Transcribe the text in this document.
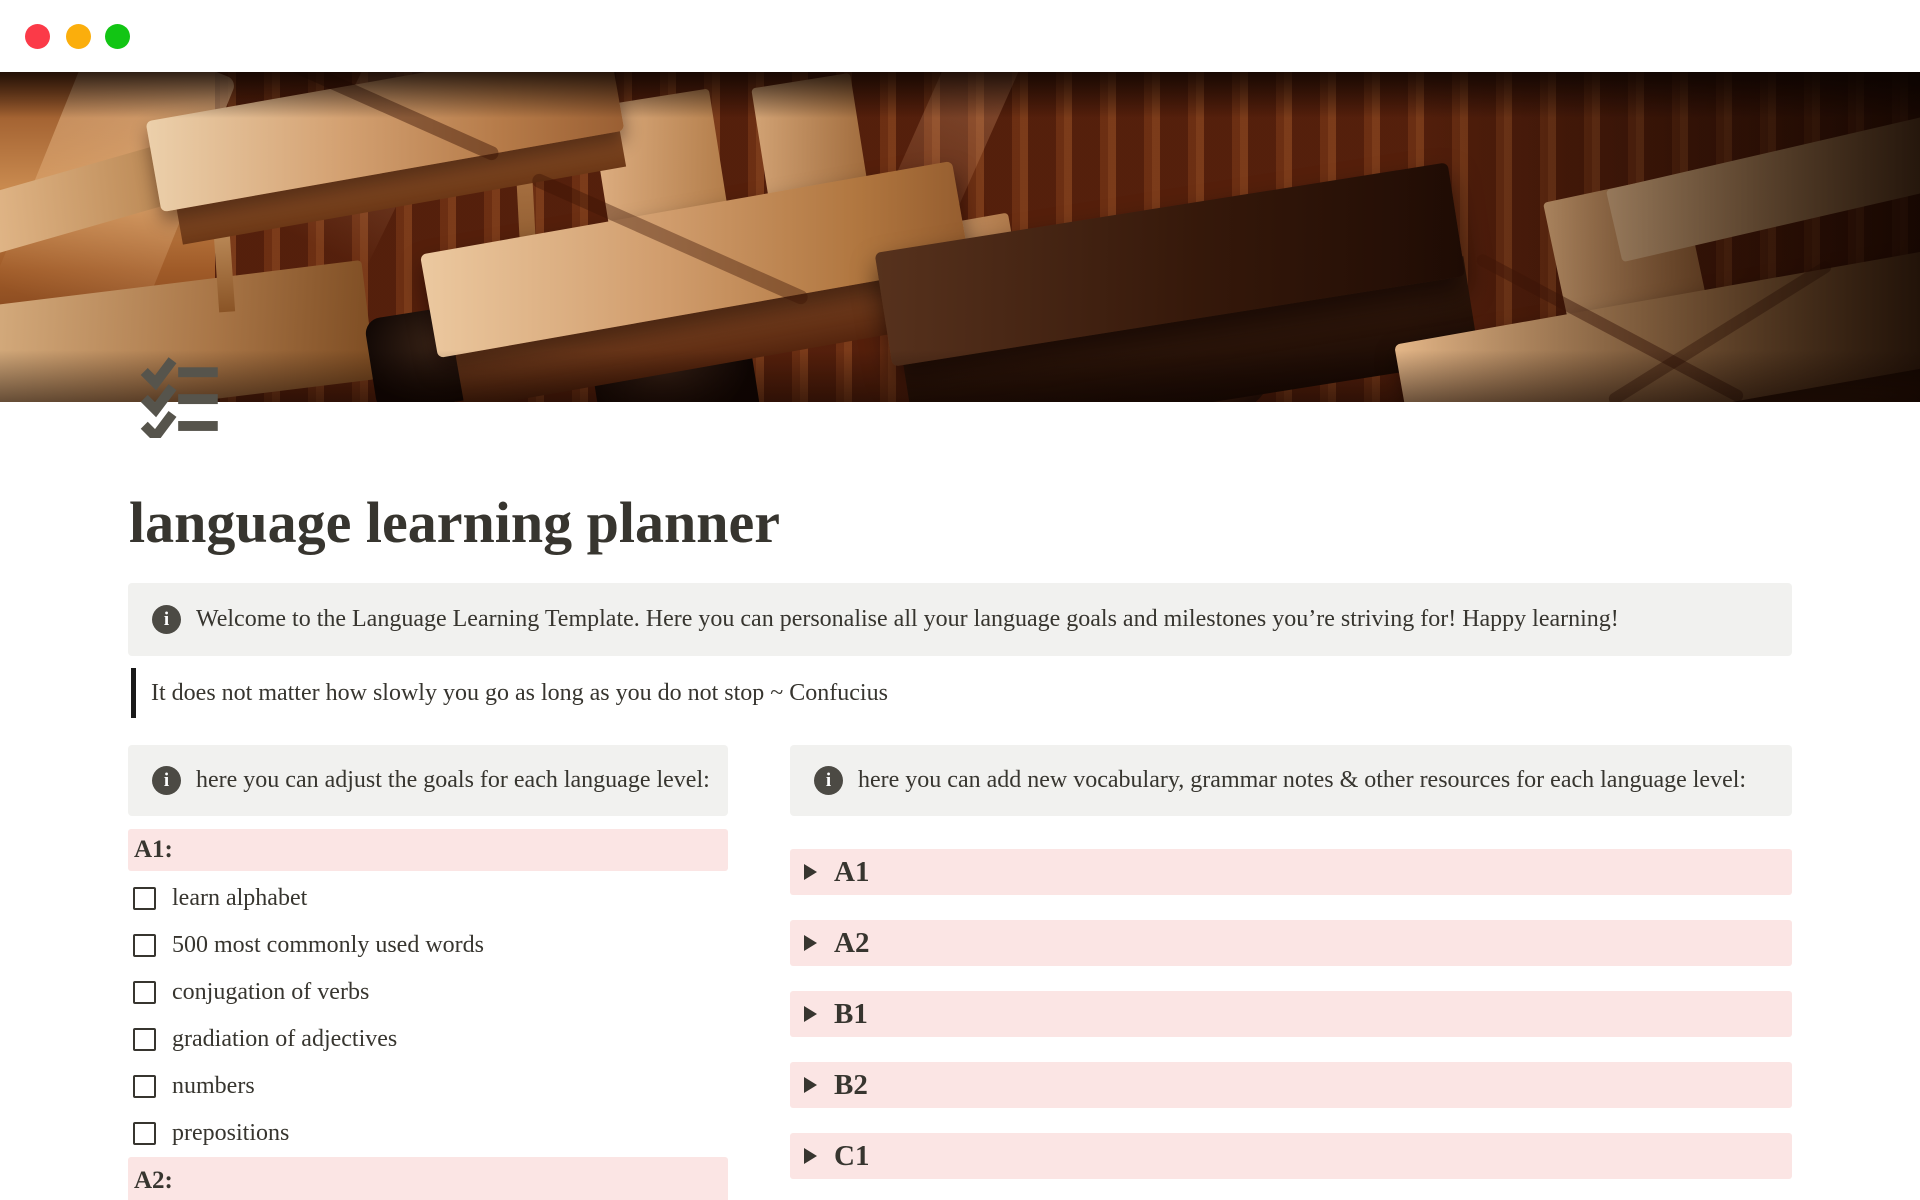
language learning planner
i Welcome to the Language Learning Template. Here you can personalise all your language goals and milestones you’re striving for! Happy learning!
It does not matter how slowly you go as long as you do not stop ~ Confucius
i here you can adjust the goals for each language level:
A1:
learn alphabet
500 most commonly used words
conjugation of verbs
gradiation of adjectives
numbers
prepositions
A2:
i here you can add new vocabulary, grammar notes & other resources for each language level:
A1
A2
B1
B2
C1
